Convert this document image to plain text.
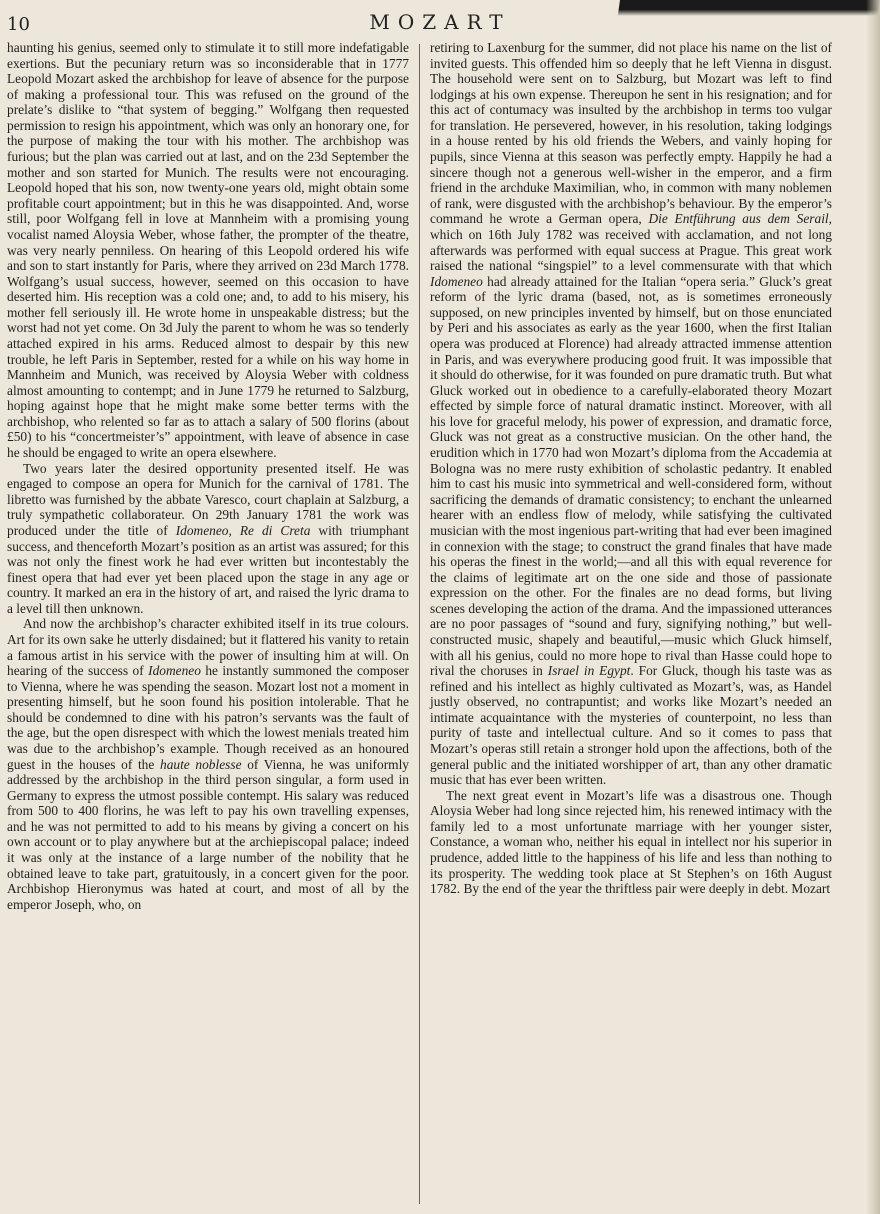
10	MOZART

haunting his genius, seemed only to stimulate it to still more indefatigable exertions. But the pecuniary return was so inconsiderable that in 1777 Leopold Mozart asked the archbishop for leave of absence for the purpose of making a professional tour. This was refused on the ground of the prelate’s dislike to “that system of begging.” Wolfgang then requested permission to resign his appointment, which was only an honorary one, for the purpose of making the tour with his mother. The archbishop was furious; but the plan was carried out at last, and on the 23d September the mother and son started for Munich. The results were not encouraging. Leopold hoped that his son, now twenty-one years old, might obtain some profitable court appointment; but in this he was disappointed. And, worse still, poor Wolfgang fell in love at Mannheim with a promising young vocalist named Aloysia Weber, whose father, the prompter of the theatre, was very nearly penniless. On hearing of this Leopold ordered his wife and son to start instantly for Paris, where they arrived on 23d March 1778. Wolfgang’s usual success, however, seemed on this occasion to have deserted him. His reception was a cold one; and, to add to his misery, his mother fell seriously ill. He wrote home in unspeakable distress; but the worst had not yet come. On 3d July the parent to whom he was so tenderly attached expired in his arms. Reduced almost to despair by this new trouble, he left Paris in September, rested for a while on his way home in Mannheim and Munich, was received by Aloysia Weber with coldness almost amounting to contempt; and in June 1779 he returned to Salzburg, hoping against hope that he might make some better terms with the archbishop, who relented so far as to attach a salary of 500 florins (about £50) to his “concertmeister’s” appointment, with leave of absence in case he should be engaged to write an opera elsewhere.

Two years later the desired opportunity presented itself. He was engaged to compose an opera for Munich for the carnival of 1781. The libretto was furnished by the abbate Varesco, court chaplain at Salzburg, a truly sympathetic collaborateur. On 29th January 1781 the work was produced under the title of Idomeneo, Re di Creta with triumphant success, and thenceforth Mozart’s position as an artist was assured; for this was not only the finest work he had ever written but incontestably the finest opera that had ever yet been placed upon the stage in any age or country. It marked an era in the history of art, and raised the lyric drama to a level till then unknown.

And now the archbishop’s character exhibited itself in its true colours. Art for its own sake he utterly disdained; but it flattered his vanity to retain a famous artist in his service with the power of insulting him at will. On hearing of the success of Idomeneo he instantly summoned the composer to Vienna, where he was spending the season. Mozart lost not a moment in presenting himself, but he soon found his position intolerable. That he should be condemned to dine with his patron’s servants was the fault of the age, but the open disrespect with which the lowest menials treated him was due to the archbishop’s example. Though received as an honoured guest in the houses of the haute noblesse of Vienna, he was uniformly addressed by the archbishop in the third person singular, a form used in Germany to express the utmost possible contempt. His salary was reduced from 500 to 400 florins, he was left to pay his own travelling expenses, and he was not permitted to add to his means by giving a concert on his own account or to play anywhere but at the archiepiscopal palace; indeed it was only at the instance of a large number of the nobility that he obtained leave to take part, gratuitously, in a concert given for the poor. Archbishop Hieronymus was hated at court, and most of all by the emperor Joseph, who, on

retiring to Laxenburg for the summer, did not place his name on the list of invited guests. This offended him so deeply that he left Vienna in disgust. The household were sent on to Salzburg, but Mozart was left to find lodgings at his own expense. Thereupon he sent in his resignation; and for this act of contumacy was insulted by the archbishop in terms too vulgar for translation. He persevered, however, in his resolution, taking lodgings in a house rented by his old friends the Webers, and vainly hoping for pupils, since Vienna at this season was perfectly empty. Happily he had a sincere though not a generous well-wisher in the emperor, and a firm friend in the archduke Maximilian, who, in common with many noblemen of rank, were disgusted with the archbishop’s behaviour. By the emperor’s command he wrote a German opera, Die Entführung aus dem Serail, which on 16th July 1782 was received with acclamation, and not long afterwards was performed with equal success at Prague. This great work raised the national “singspiel” to a level commensurate with that which Idomeneo had already attained for the Italian “opera seria.” Gluck’s great reform of the lyric drama (based, not, as is sometimes erroneously supposed, on new principles invented by himself, but on those enunciated by Peri and his associates as early as the year 1600, when the first Italian opera was produced at Florence) had already attracted immense attention in Paris, and was everywhere producing good fruit. It was impossible that it should do otherwise, for it was founded on pure dramatic truth. But what Gluck worked out in obedience to a carefully-elaborated theory Mozart effected by simple force of natural dramatic instinct. Moreover, with all his love for graceful melody, his power of expression, and dramatic force, Gluck was not great as a constructive musician. On the other hand, the erudition which in 1770 had won Mozart’s diploma from the Accademia at Bologna was no mere rusty exhibition of scholastic pedantry. It enabled him to cast his music into symmetrical and well-considered form, without sacrificing the demands of dramatic consistency; to enchant the unlearned hearer with an endless flow of melody, while satisfying the cultivated musician with the most ingenious part-writing that had ever been imagined in connexion with the stage; to construct the grand finales that have made his operas the finest in the world;—and all this with equal reverence for the claims of legitimate art on the one side and those of passionate expression on the other. For the finales are no dead forms, but living scenes developing the action of the drama. And the impassioned utterances are no poor passages of “sound and fury, signifying nothing,” but well-constructed music, shapely and beautiful,—music which Gluck himself, with all his genius, could no more hope to rival than Hasse could hope to rival the choruses in Israel in Egypt. For Gluck, though his taste was as refined and his intellect as highly cultivated as Mozart’s, was, as Handel justly observed, no contrapuntist; and works like Mozart’s needed an intimate acquaintance with the mysteries of counterpoint, no less than purity of taste and intellectual culture. And so it comes to pass that Mozart’s operas still retain a stronger hold upon the affections, both of the general public and the initiated worshipper of art, than any other dramatic music that has ever been written.

The next great event in Mozart’s life was a disastrous one. Though Aloysia Weber had long since rejected him, his renewed intimacy with the family led to a most unfortunate marriage with her younger sister, Constance, a woman who, neither his equal in intellect nor his superior in prudence, added little to the happiness of his life and less than nothing to its prosperity. The wedding took place at St Stephen’s on 16th August 1782. By the end of the year the thriftless pair were deeply in debt. Mozart
